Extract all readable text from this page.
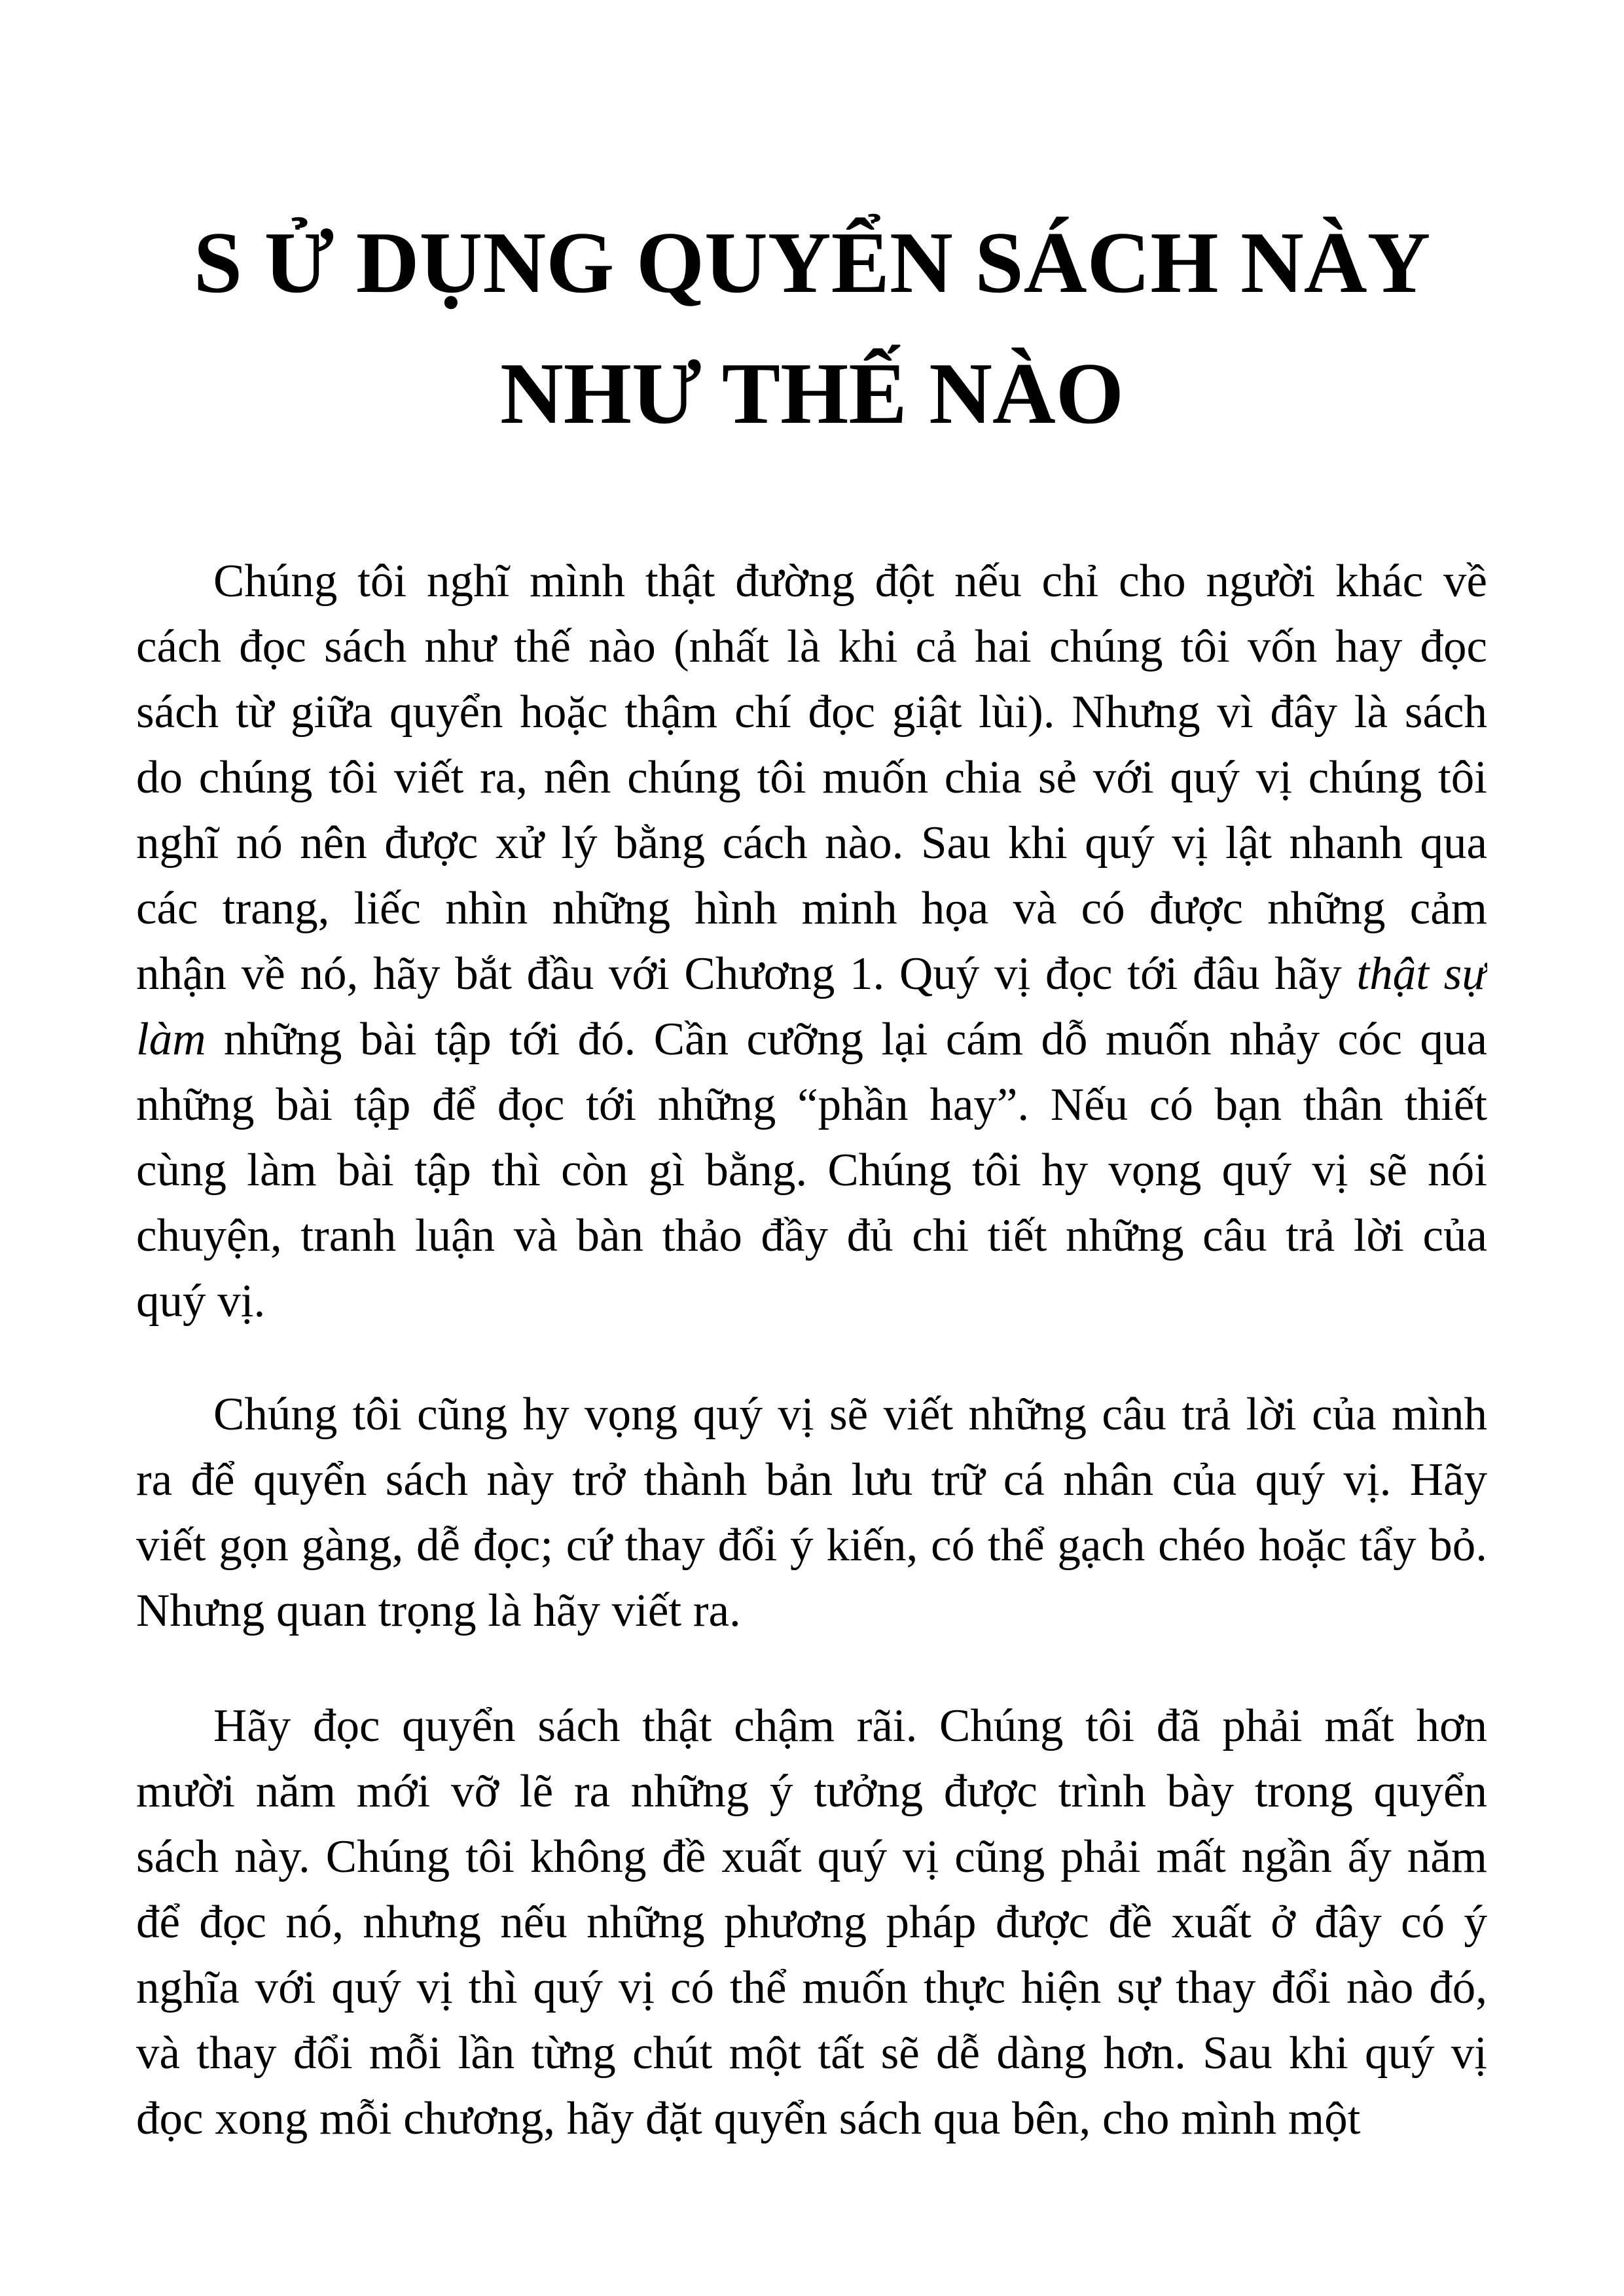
S Ử DỤNG QUYỂN SÁCH NÀY
NHƯ THẾ NÀO
Chúng tôi nghĩ mình thật đường đột nếu chỉ cho người khác về
cách đọc sách như thế nào (nhất là khi cả hai chúng tôi vốn hay đọc
sách từ giữa quyển hoặc thậm chí đọc giật lùi). Nhưng vì đây là sách
do chúng tôi viết ra, nên chúng tôi muốn chia sẻ với quý vị chúng tôi
nghĩ nó nên được xử lý bằng cách nào. Sau khi quý vị lật nhanh qua
các trang, liếc nhìn những hình minh họa và có được những cảm
nhận về nó, hãy bắt đầu với Chương 1. Quý vị đọc tới đâu hãy thật sự
làm những bài tập tới đó. Cần cưỡng lại cám dỗ muốn nhảy cóc qua
những bài tập để đọc tới những “phần hay”. Nếu có bạn thân thiết
cùng làm bài tập thì còn gì bằng. Chúng tôi hy vọng quý vị sẽ nói
chuyện, tranh luận và bàn thảo đầy đủ chi tiết những câu trả lời của
quý vị.
Chúng tôi cũng hy vọng quý vị sẽ viết những câu trả lời của mình
ra để quyển sách này trở thành bản lưu trữ cá nhân của quý vị. Hãy
viết gọn gàng, dễ đọc; cứ thay đổi ý kiến, có thể gạch chéo hoặc tẩy bỏ.
Nhưng quan trọng là hãy viết ra.
Hãy đọc quyển sách thật chậm rãi. Chúng tôi đã phải mất hơn
mười năm mới vỡ lẽ ra những ý tưởng được trình bày trong quyển
sách này. Chúng tôi không đề xuất quý vị cũng phải mất ngần ấy năm
để đọc nó, nhưng nếu những phương pháp được đề xuất ở đây có ý
nghĩa với quý vị thì quý vị có thể muốn thực hiện sự thay đổi nào đó,
và thay đổi mỗi lần từng chút một tất sẽ dễ dàng hơn. Sau khi quý vị
đọc xong mỗi chương, hãy đặt quyển sách qua bên, cho mình một
